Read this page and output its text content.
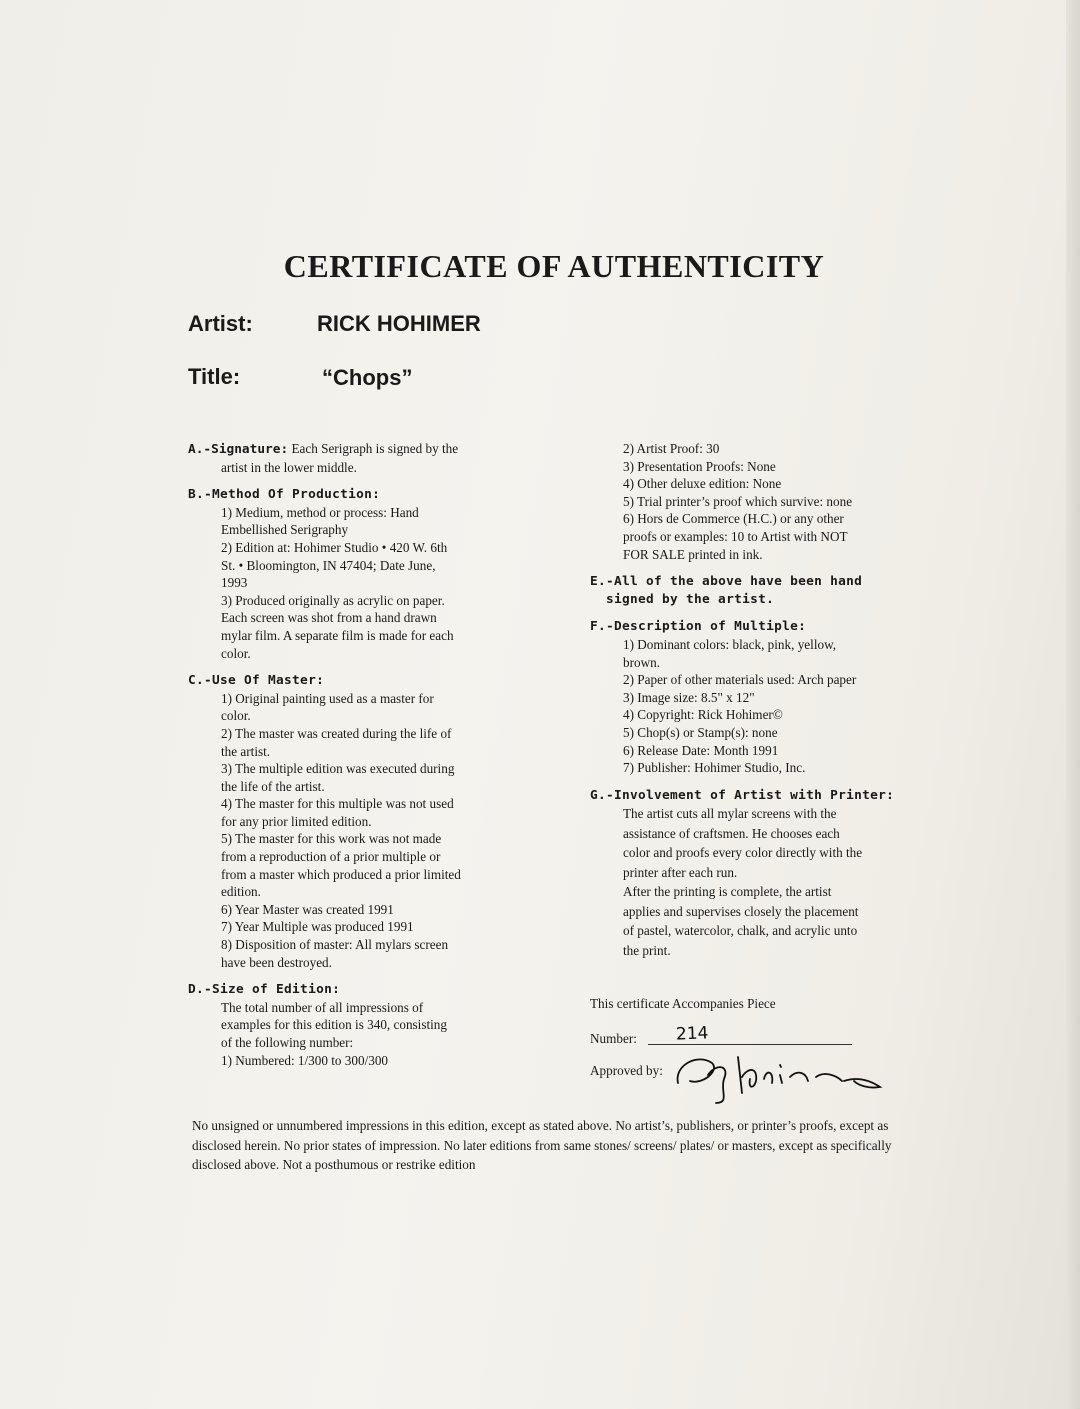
CERTIFICATE OF AUTHENTICITY
Artist:	RICK HOHIMER
Title:	“Chops”
A.-Signature: Each Serigraph is signed by the
artist in the lower middle.
B.-Method Of Production:
1) Medium, method or process: Hand
Embellished Serigraphy
2) Edition at: Hohimer Studio • 420 W. 6th
St. • Bloomington, IN 47404; Date June,
1993
3) Produced originally as acrylic on paper.
Each screen was shot from a hand drawn
mylar film. A separate film is made for each
color.
C.-Use Of Master:
1) Original painting used as a master for
color.
2) The master was created during the life of
the artist.
3) The multiple edition was executed during
the life of the artist.
4) The master for this multiple was not used
for any prior limited edition.
5) The master for this work was not made
from a reproduction of a prior multiple or
from a master which produced a prior limited
edition.
6) Year Master was created 1991
7) Year Multiple was produced 1991
8) Disposition of master: All mylars screen
have been destroyed.
D.-Size of Edition:
The total number of all impressions of
examples for this edition is 340, consisting
of the following number:
1) Numbered: 1/300 to 300/300
2) Artist Proof: 30
3) Presentation Proofs: None
4) Other deluxe edition: None
5) Trial printer’s proof which survive: none
6) Hors de Commerce (H.C.) or any other
proofs or examples: 10 to Artist with NOT
FOR SALE printed in ink.
E.-All of the above have been hand
signed by the artist.
F.-Description of Multiple:
1) Dominant colors: black, pink, yellow,
brown.
2) Paper of other materials used: Arch paper
3) Image size: 8.5" x 12"
4) Copyright: Rick Hohimer©
5) Chop(s) or Stamp(s): none
6) Release Date: Month 1991
7) Publisher: Hohimer Studio, Inc.
G.-Involvement of Artist with Printer:
The artist cuts all mylar screens with the
assistance of craftsmen. He chooses each
color and proofs every color directly with the
printer after each run.
After the printing is complete, the artist
applies and supervises closely the placement
of pastel, watercolor, chalk, and acrylic unto
the print.
This certificate Accompanies Piece
Number: 214
Approved by:
No unsigned or unnumbered impressions in this edition, except as stated above. No artist’s, publishers, or printer’s proofs, except as disclosed herein. No prior states of impression. No later editions from same stones/ screens/ plates/ or masters, except as specifically disclosed above. Not a posthumous or restrike edition
